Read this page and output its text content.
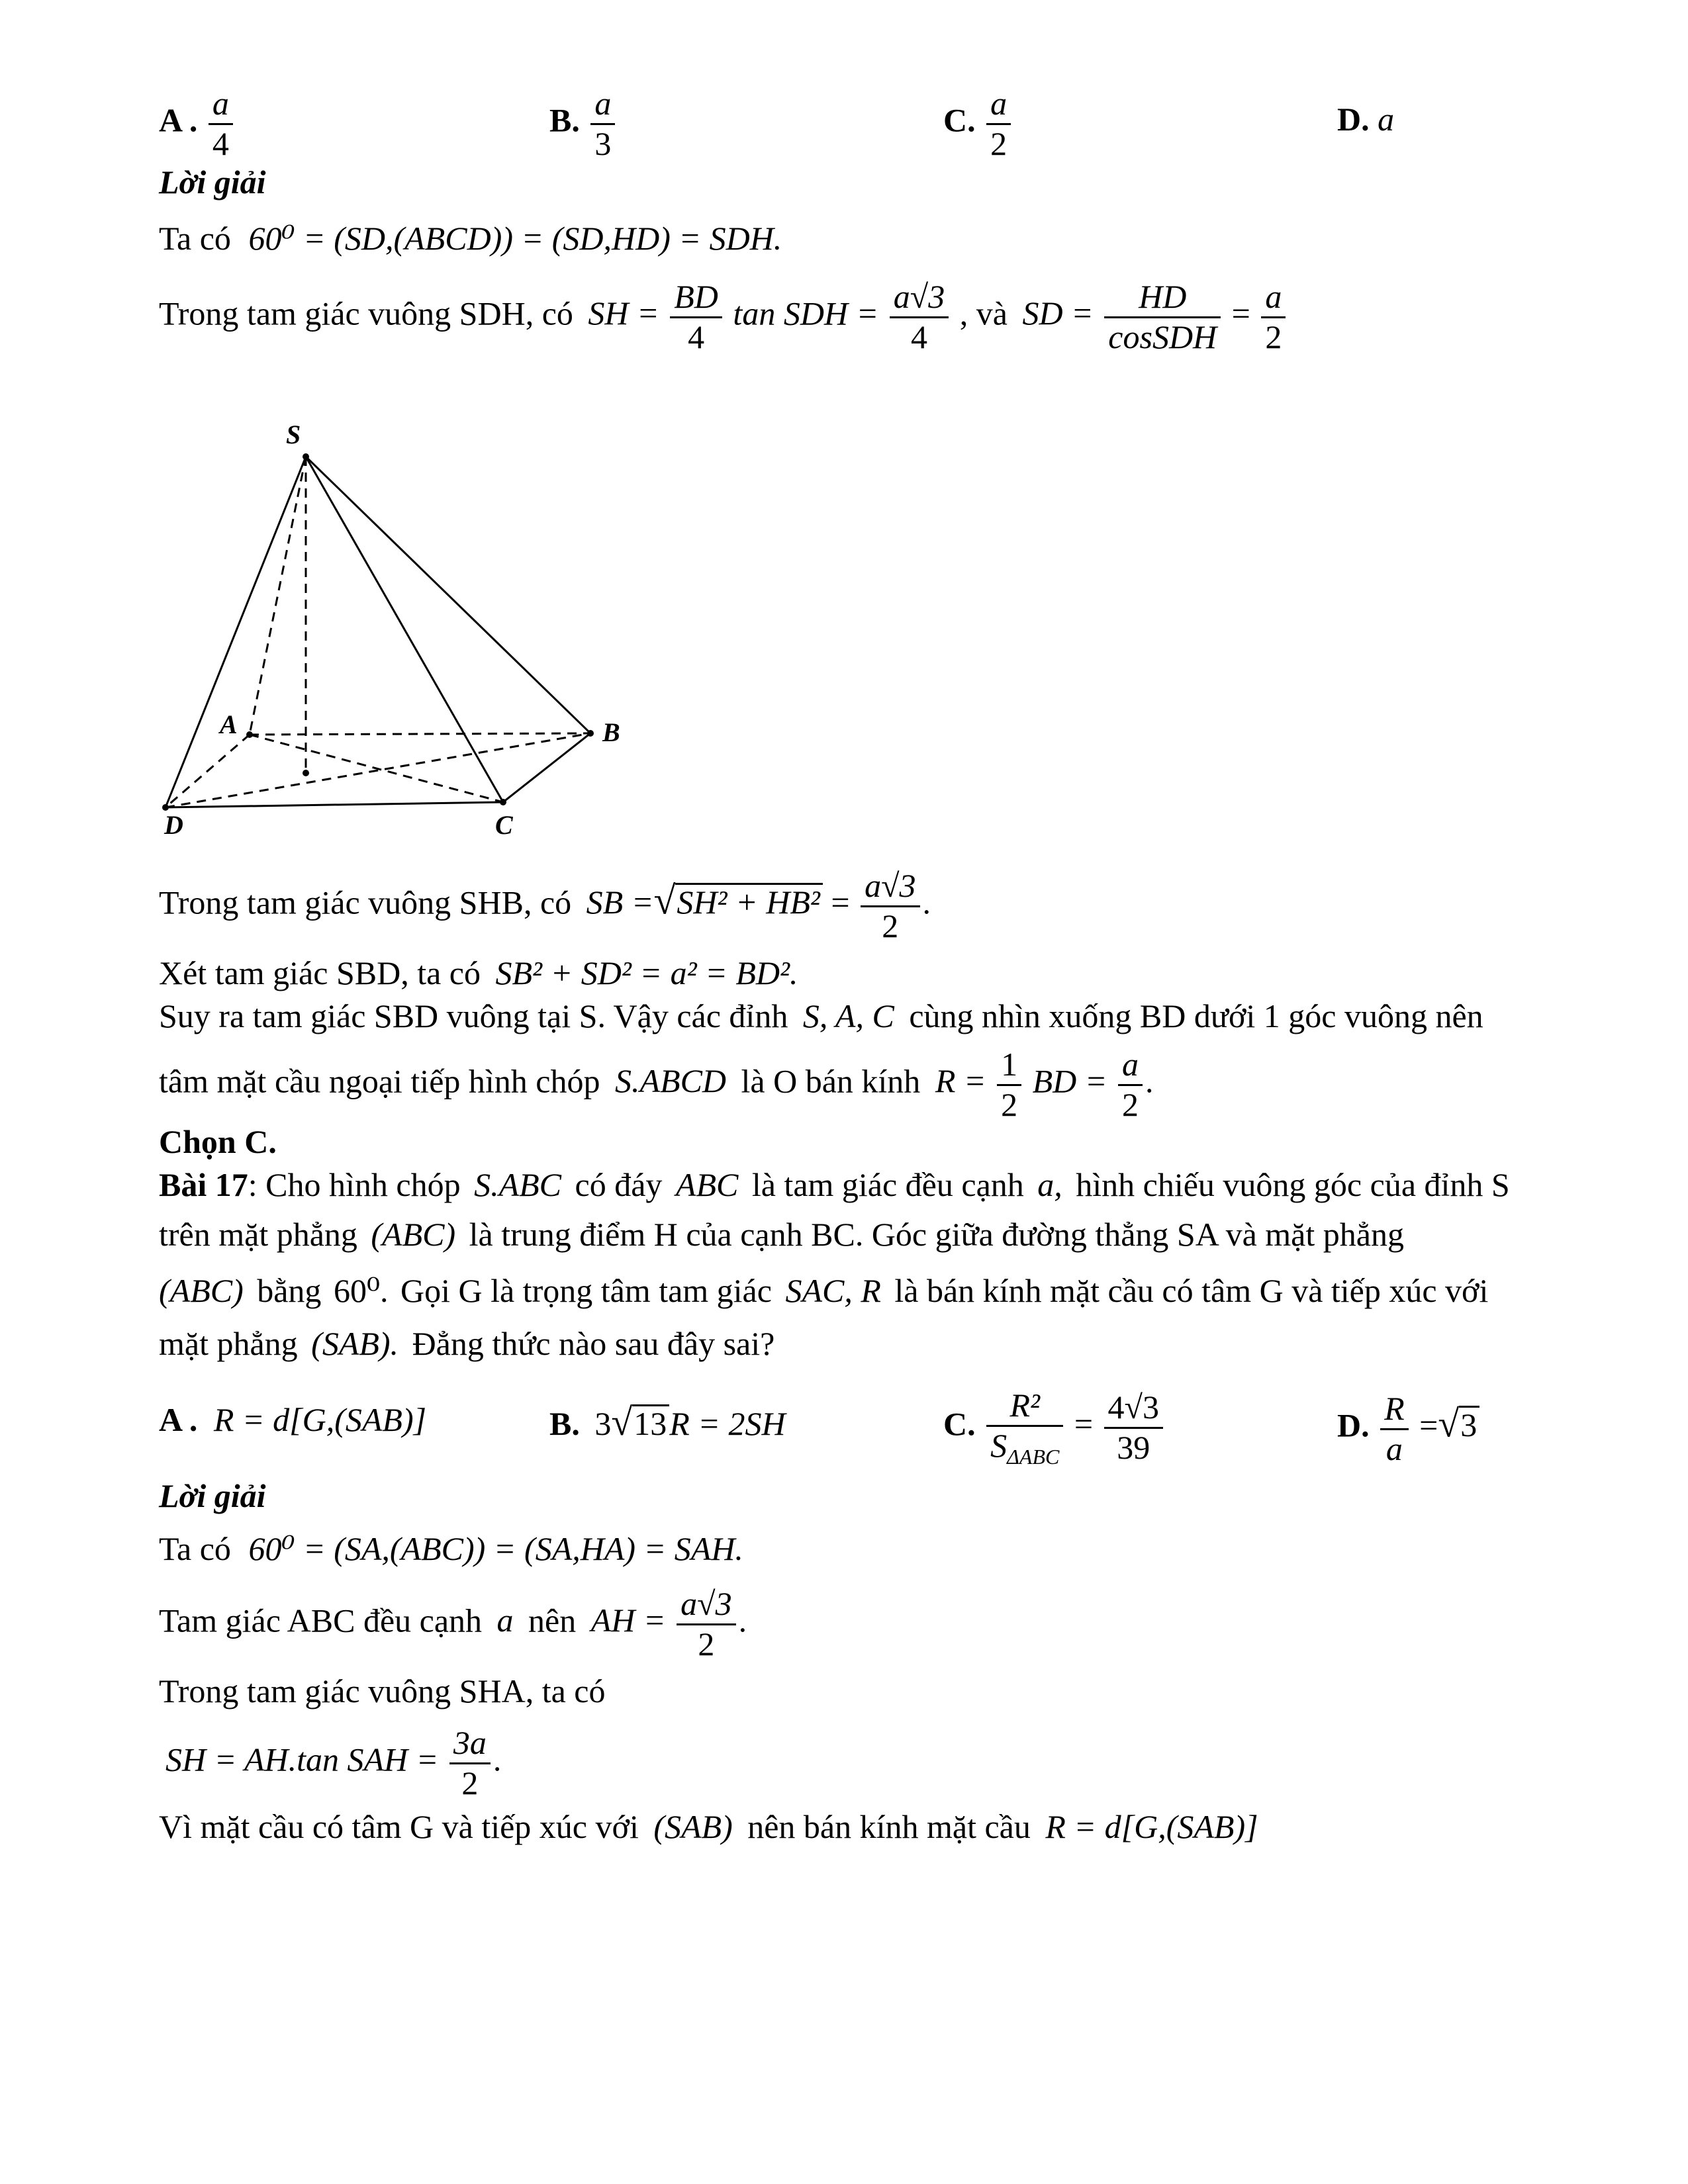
A . $\frac{a}{4}$	B. $\frac{a}{3}$	C. $\frac{a}{2}$	D. a
Lời giải
Ta có 60⁰ = (SD,(ABCD)) = (SD,HD) = SDH.
Trong tam giác vuông SDH, có SH = $\frac{BD}{4}$ tan SDH = $\frac{a√3}{4}$ , và SD = $\frac{HD}{\text{cosSDH}} = \frac{a}{2}$
S
A	B
C
D
Trong tam giác vuông SHB, có SB $=√SH^2 + HB^2 = \frac{a√3}{2}$ .
Xét tam giác SBD, ta có SB² + SD² = a² = BD².
Suy ra tam giác SBD vuông tại S. Vậy các đỉnh S, A, C cùng nhìn xuống BD dưới 1 góc vuông nên
tâm mặt cầu ngoại tiếp hình chóp S.ABCD là O bán kính $R = \frac{1}{2}$ BD = $\frac{a}{2}$ .
Chọn C.
Bài 17: Cho hình chóp S.ABC có đáy ABC là tam giác đều cạnh a, hình chiếu vuông góc của đỉnh S
trên mặt phẳng (ABC) là trung điểm H của cạnh BC. Góc giữa đường thẳng SA và mặt phẳng
(ABC) bằng 60⁰. Gọi G là trọng tâm tam giác SAC, R là bán kính mặt cầu có tâm G và tiếp xúc với
mặt phẳng (SAB). Đẳng thức nào sau đây sai?
A . R = d[G,(SAB)]	B. 3√13R = 2SH	C. $\frac{\text{R²}}{S_{\Delta ABC}} = \frac{4√3}{39}$	D. $\frac{R}{a} =√3$
Lời giải
Ta có 60⁰ = (SA,(ABC)) = (SA,HA) = SAH.
Tam giác ABC đều cạnh a nên AH = $\frac{a√3}{2}$ .
Trong tam giác vuông SHA, ta có
SH = AH.tan SAH = $\frac{3a}{2}$ .
Vì mặt cầu có tâm G và tiếp xúc với (SAB) nên bán kính mặt cầu R = d[G,(SAB)]
